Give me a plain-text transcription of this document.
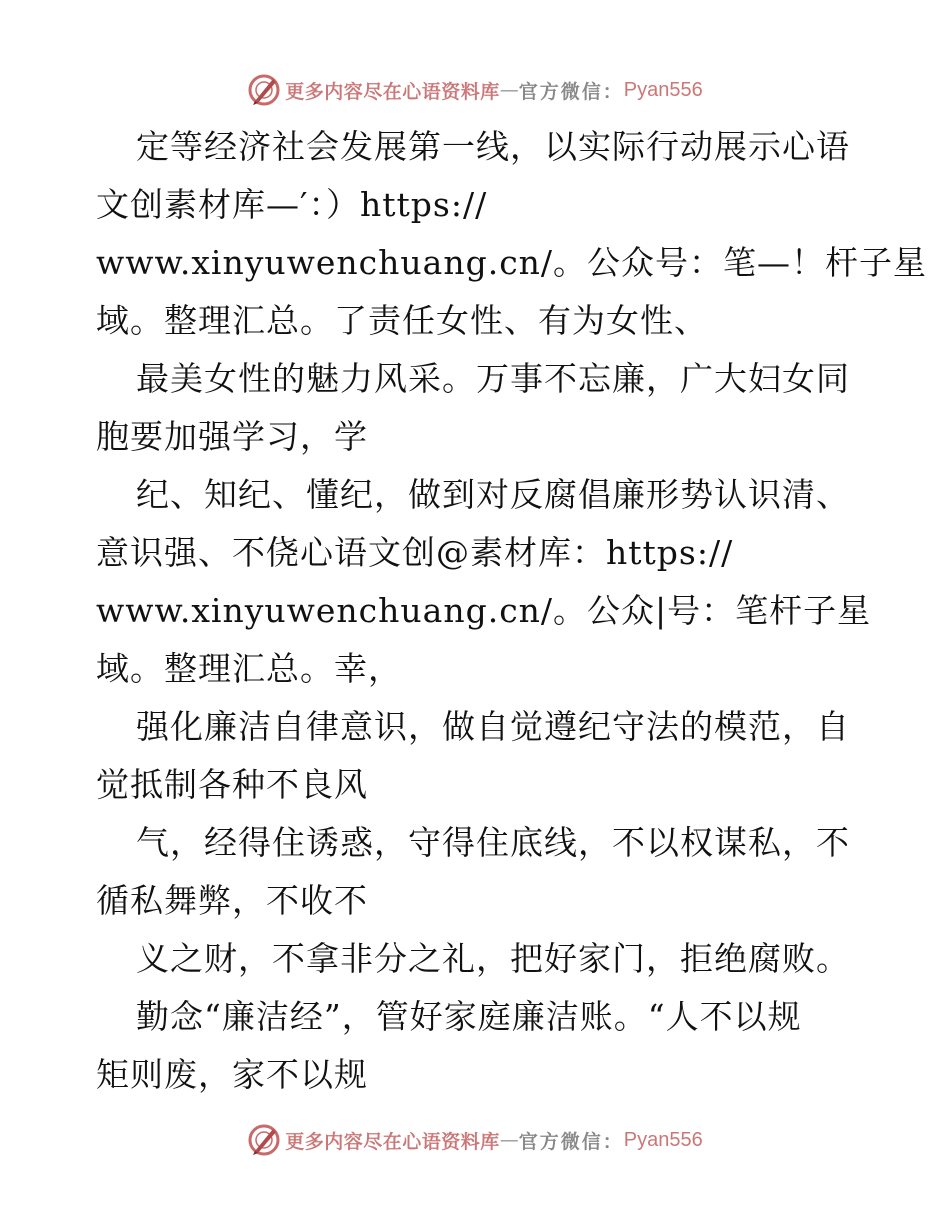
更多内容尽在心语资料库 — 官方微信： Pyan556
定等经济社会发展第一线，以实际行动展示心语
文创素材库—′：）https://
www.xinyuwenchuang.cn/。公众号：笔—！杆子星
域。整理汇总。了责任女性、有为女性、
最美女性的魅力风采。万事不忘廉，广大妇女同
胞要加强学习，学
纪、知纪、懂纪，做到对反腐倡廉形势认识清、
意识强、不侥心语文创@素材库：https://
www.xinyuwenchuang.cn/。公众|号：笔杆子星
域。整理汇总。幸，
强化廉洁自律意识，做自觉遵纪守法的模范，自
觉抵制各种不良风
气，经得住诱惑，守得住底线，不以权谋私，不
循私舞弊，不收不
义之财，不拿非分之礼，把好家门，拒绝腐败。
勤念“廉洁经”，管好家庭廉洁账。“人不以规
矩则废，家不以规
更多内容尽在心语资料库 — 官方微信： Pyan556
